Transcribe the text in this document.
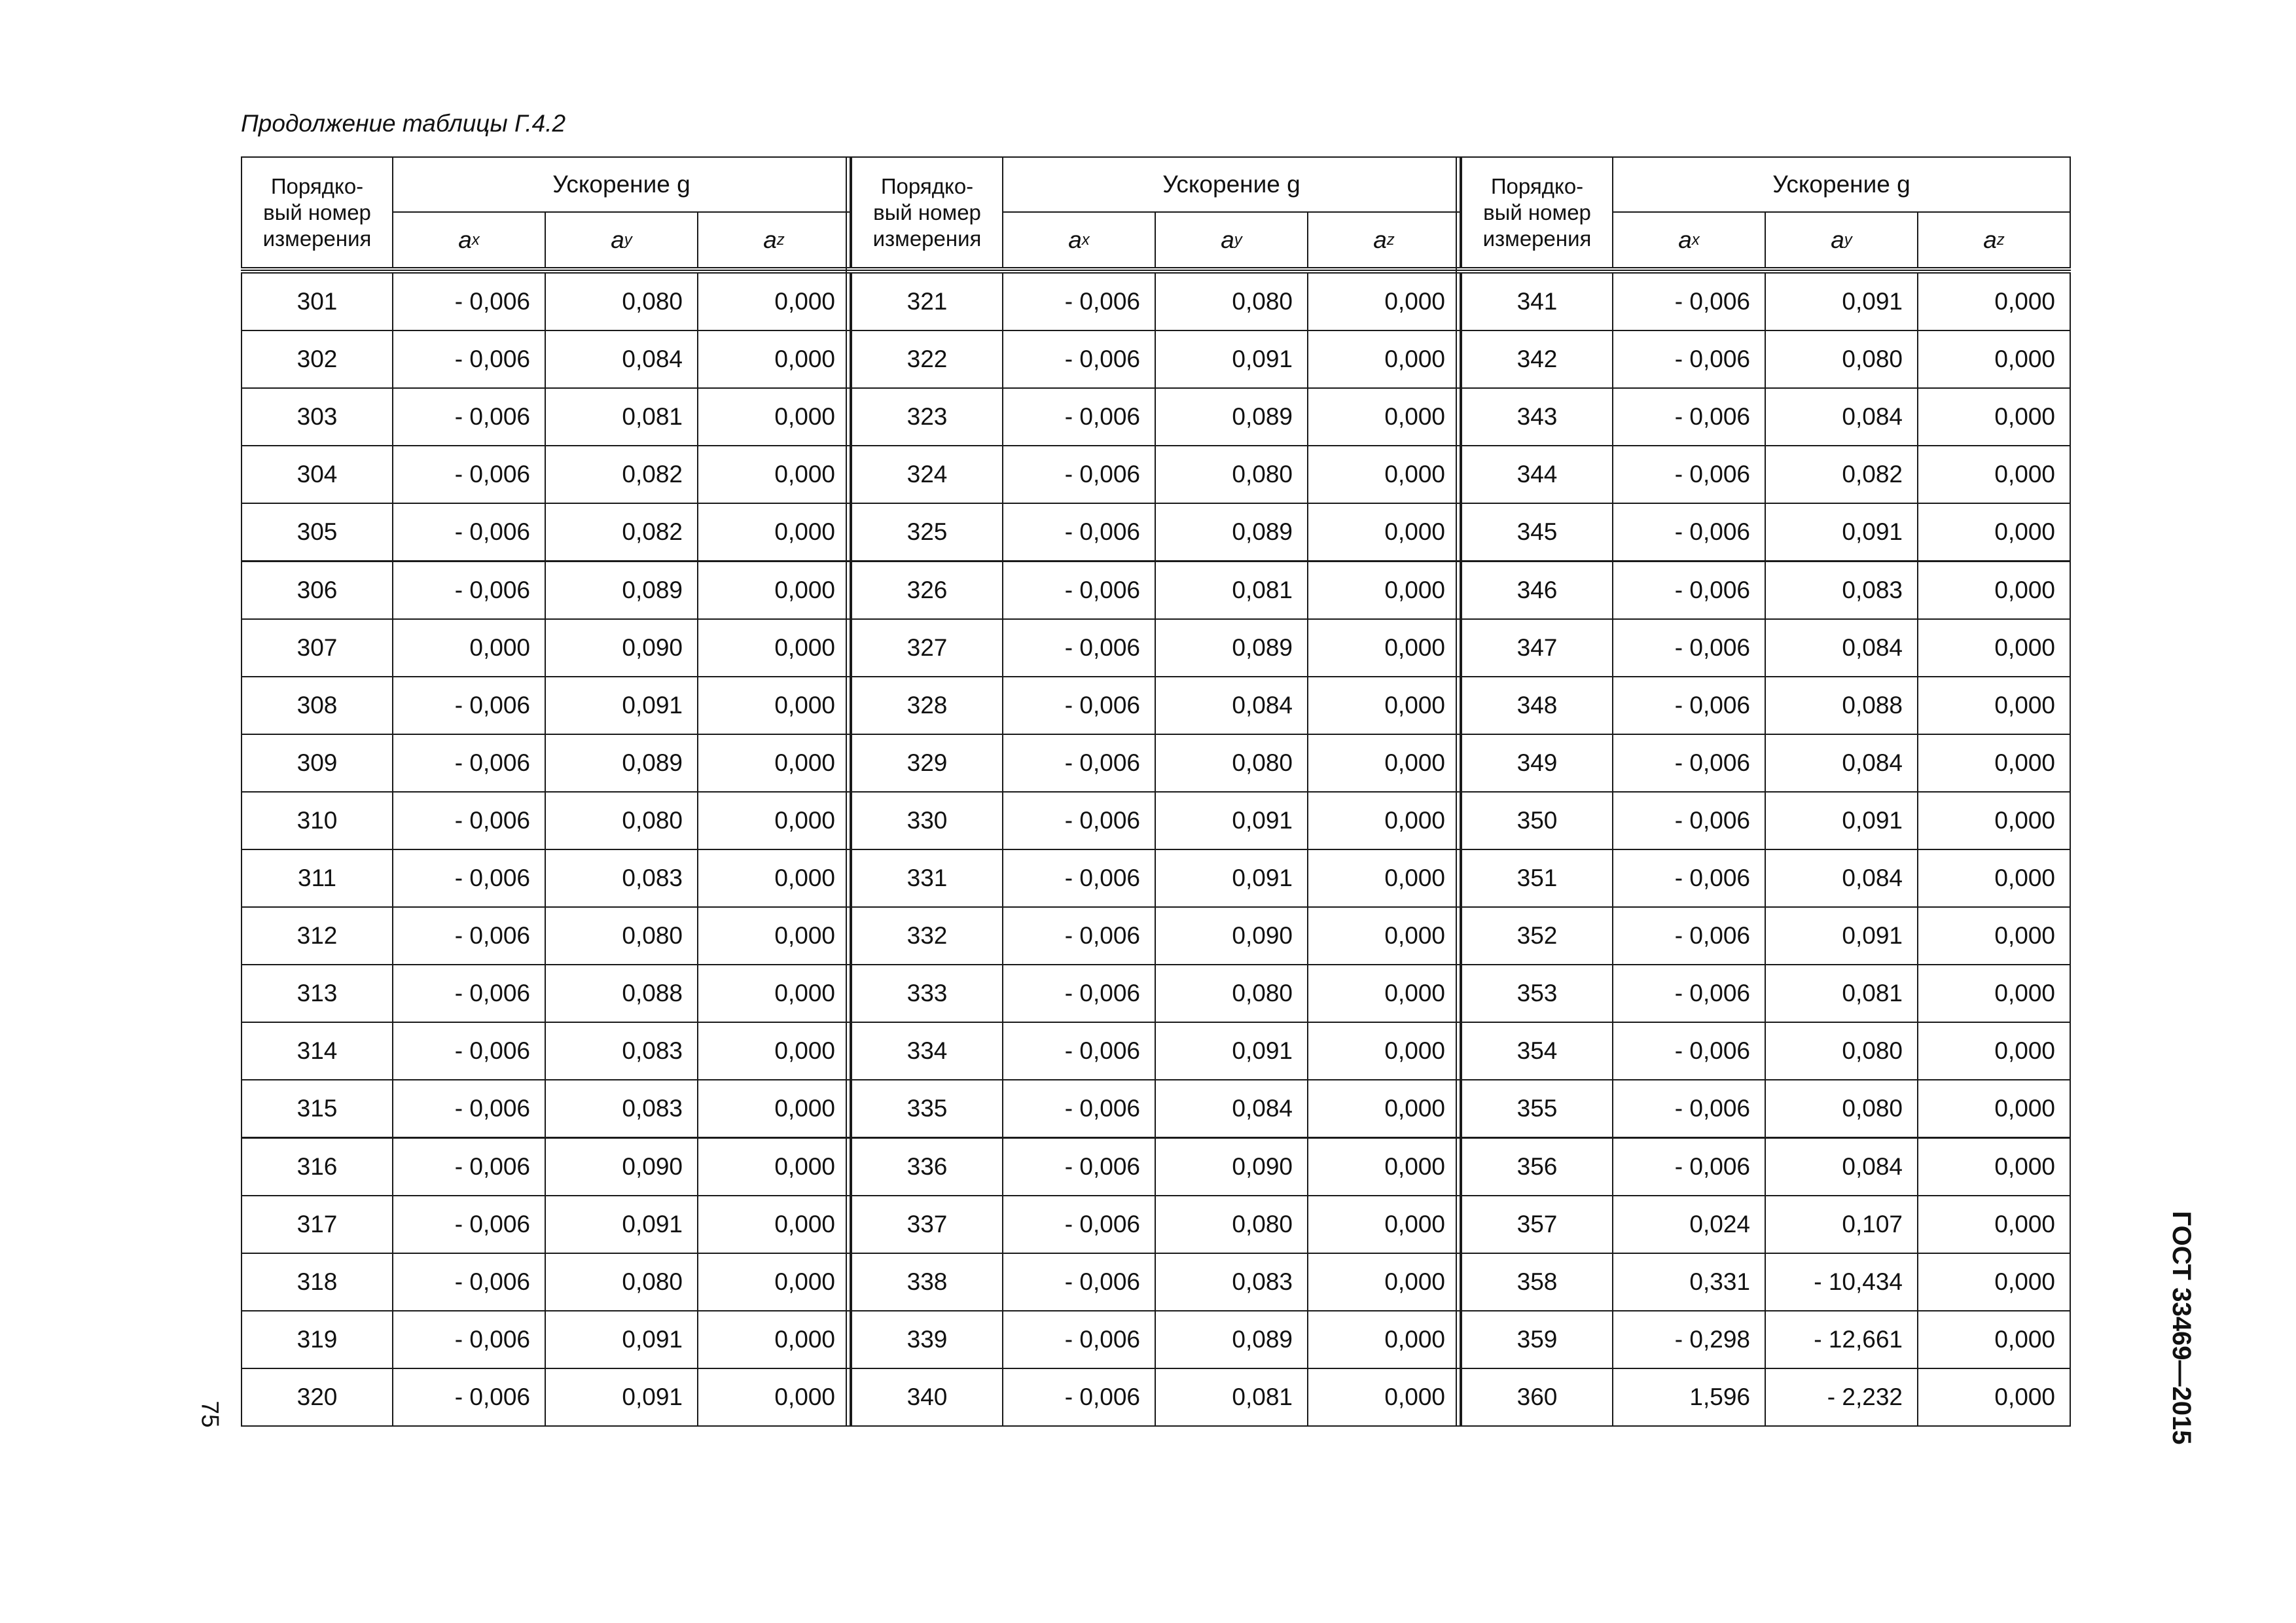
Продолжение таблицы Г.4.2
Порядко-
вый номер
измерения
Ускорение g
a x	a y	a z
301	- 0,006	0,080	0,000
302	- 0,006	0,084	0,000
303	- 0,006	0,081	0,000
304	- 0,006	0,082	0,000
305	- 0,006	0,082	0,000
306	- 0,006	0,089	0,000
307	0,000	0,090	0,000
308	- 0,006	0,091	0,000
309	- 0,006	0,089	0,000
310	- 0,006	0,080	0,000
311	- 0,006	0,083	0,000
312	- 0,006	0,080	0,000
313	- 0,006	0,088	0,000
314	- 0,006	0,083	0,000
315	- 0,006	0,083	0,000
316	- 0,006	0,090	0,000
317	- 0,006	0,091	0,000
318	- 0,006	0,080	0,000
319	- 0,006	0,091	0,000
320	- 0,006	0,091	0,000
Порядко-
вый номер
измерения
Ускорение g
a x	a y	a z
321	- 0,006	0,080	0,000
322	- 0,006	0,091	0,000
323	- 0,006	0,089	0,000
324	- 0,006	0,080	0,000
325	- 0,006	0,089	0,000
326	- 0,006	0,081	0,000
327	- 0,006	0,089	0,000
328	- 0,006	0,084	0,000
329	- 0,006	0,080	0,000
330	- 0,006	0,091	0,000
331	- 0,006	0,091	0,000
332	- 0,006	0,090	0,000
333	- 0,006	0,080	0,000
334	- 0,006	0,091	0,000
335	- 0,006	0,084	0,000
336	- 0,006	0,090	0,000
337	- 0,006	0,080	0,000
338	- 0,006	0,083	0,000
339	- 0,006	0,089	0,000
340	- 0,006	0,081	0,000
Порядко-
вый номер
измерения
Ускорение g
a x	a y	a z
341	- 0,006	0,091	0,000
342	- 0,006	0,080	0,000
343	- 0,006	0,084	0,000
344	- 0,006	0,082	0,000
345	- 0,006	0,091	0,000
346	- 0,006	0,083	0,000
347	- 0,006	0,084	0,000
348	- 0,006	0,088	0,000
349	- 0,006	0,084	0,000
350	- 0,006	0,091	0,000
351	- 0,006	0,084	0,000
352	- 0,006	0,091	0,000
353	- 0,006	0,081	0,000
354	- 0,006	0,080	0,000
355	- 0,006	0,080	0,000
356	- 0,006	0,084	0,000
357	0,024	0,107	0,000
358	0,331	- 10,434	0,000
359	- 0,298	- 12,661	0,000
360	1,596	- 2,232	0,000
75	ГОСТ 33469—2015
